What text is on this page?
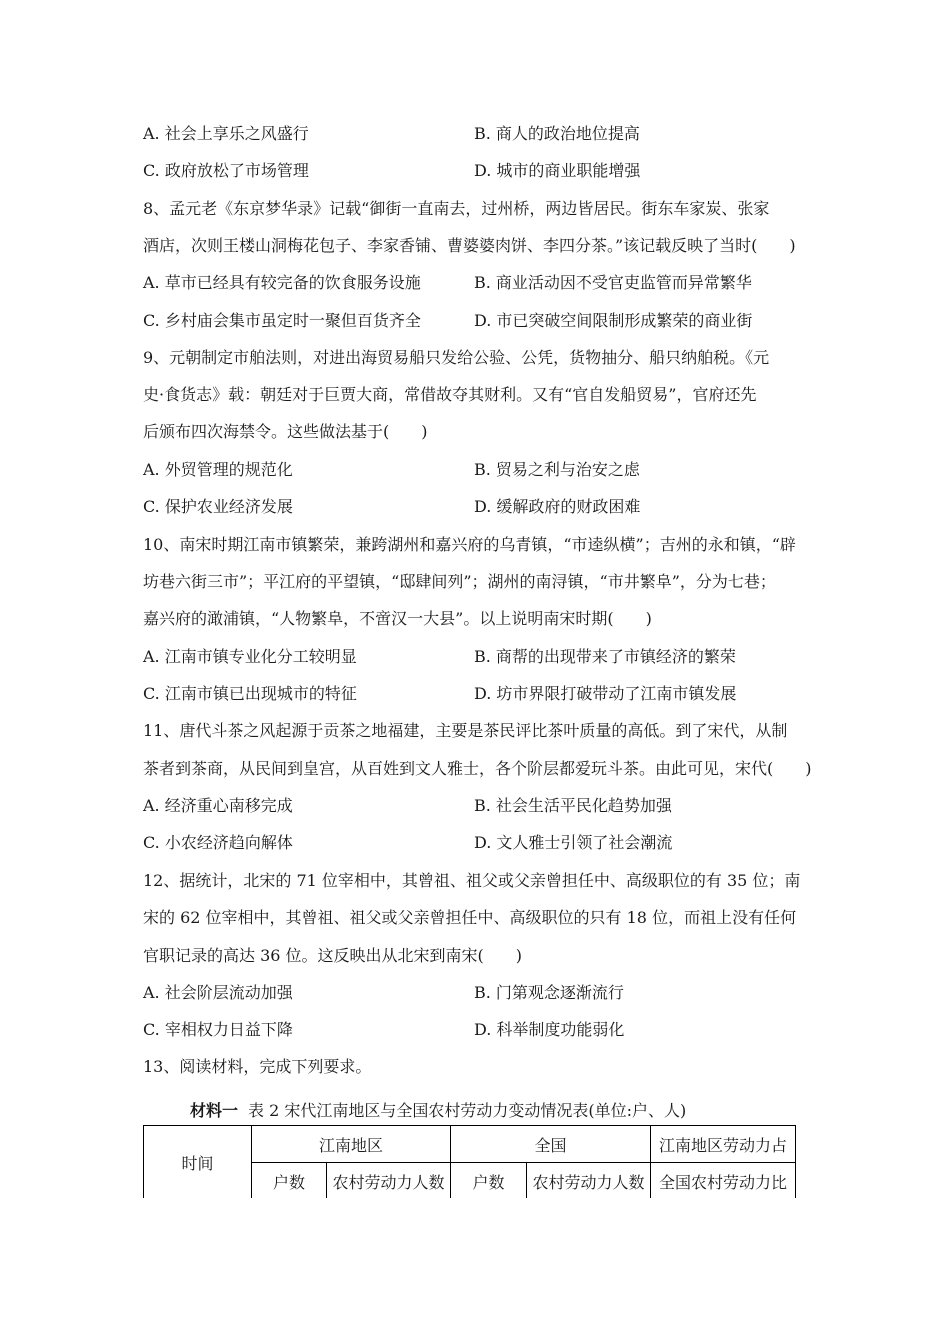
A. 社会上享乐之风盛行	B. 商人的政治地位提高
C. 政府放松了市场管理	D. 城市的商业职能增强
8、孟元老《东京梦华录》记载“御街一直南去，过州桥，两边皆居民。街东车家炭、张家
酒店，次则王楼山洞梅花包子、李家香铺、曹婆婆肉饼、李四分茶。”该记载反映了当时(　　)
A. 草市已经具有较完备的饮食服务设施	B. 商业活动因不受官吏监管而异常繁华
C. 乡村庙会集市虽定时一聚但百货齐全	D. 市已突破空间限制形成繁荣的商业街
9、元朝制定市舶法则，对进出海贸易船只发给公验、公凭，货物抽分、船只纳舶税。《元
史·食货志》载：朝廷对于巨贾大商，常借故夺其财利。又有“官自发船贸易”，官府还先
后颁布四次海禁令。这些做法基于(　　)
A. 外贸管理的规范化	B. 贸易之利与治安之虑
C. 保护农业经济发展	D. 缓解政府的财政困难
10、南宋时期江南市镇繁荣，兼跨湖州和嘉兴府的乌青镇，“市逵纵横”；吉州的永和镇，“辟
坊巷六街三市”；平江府的平望镇，“邸肆间列”；湖州的南浔镇，“市井繁阜”，分为七巷；
嘉兴府的澉浦镇，“人物繁阜，不啻汉一大县”。以上说明南宋时期(　　)
A. 江南市镇专业化分工较明显	B. 商帮的出现带来了市镇经济的繁荣
C. 江南市镇已出现城市的特征	D. 坊市界限打破带动了江南市镇发展
11、唐代斗茶之风起源于贡茶之地福建，主要是茶民评比茶叶质量的高低。到了宋代，从制
茶者到茶商，从民间到皇宫，从百姓到文人雅士，各个阶层都爱玩斗茶。由此可见，宋代(　　)
A. 经济重心南移完成	B. 社会生活平民化趋势加强
C. 小农经济趋向解体	D. 文人雅士引领了社会潮流
12、据统计，北宋的 71 位宰相中，其曾祖、祖父或父亲曾担任中、高级职位的有 35 位；南
宋的 62 位宰相中，其曾祖、祖父或父亲曾担任中、高级职位的只有 18 位，而祖上没有任何
官职记录的高达 36 位。这反映出从北宋到南宋(　　)
A. 社会阶层流动加强	B. 门第观念逐渐流行
C. 宰相权力日益下降	D. 科举制度功能弱化
13、阅读材料，完成下列要求。
材料一 表 2 宋代江南地区与全国农村劳动力变动情况表(单位:户、人)
时间	江南地区		全国		江南地区劳动力占
	户数	农村劳动力人数	户数	农村劳动力人数	全国农村劳动力比
